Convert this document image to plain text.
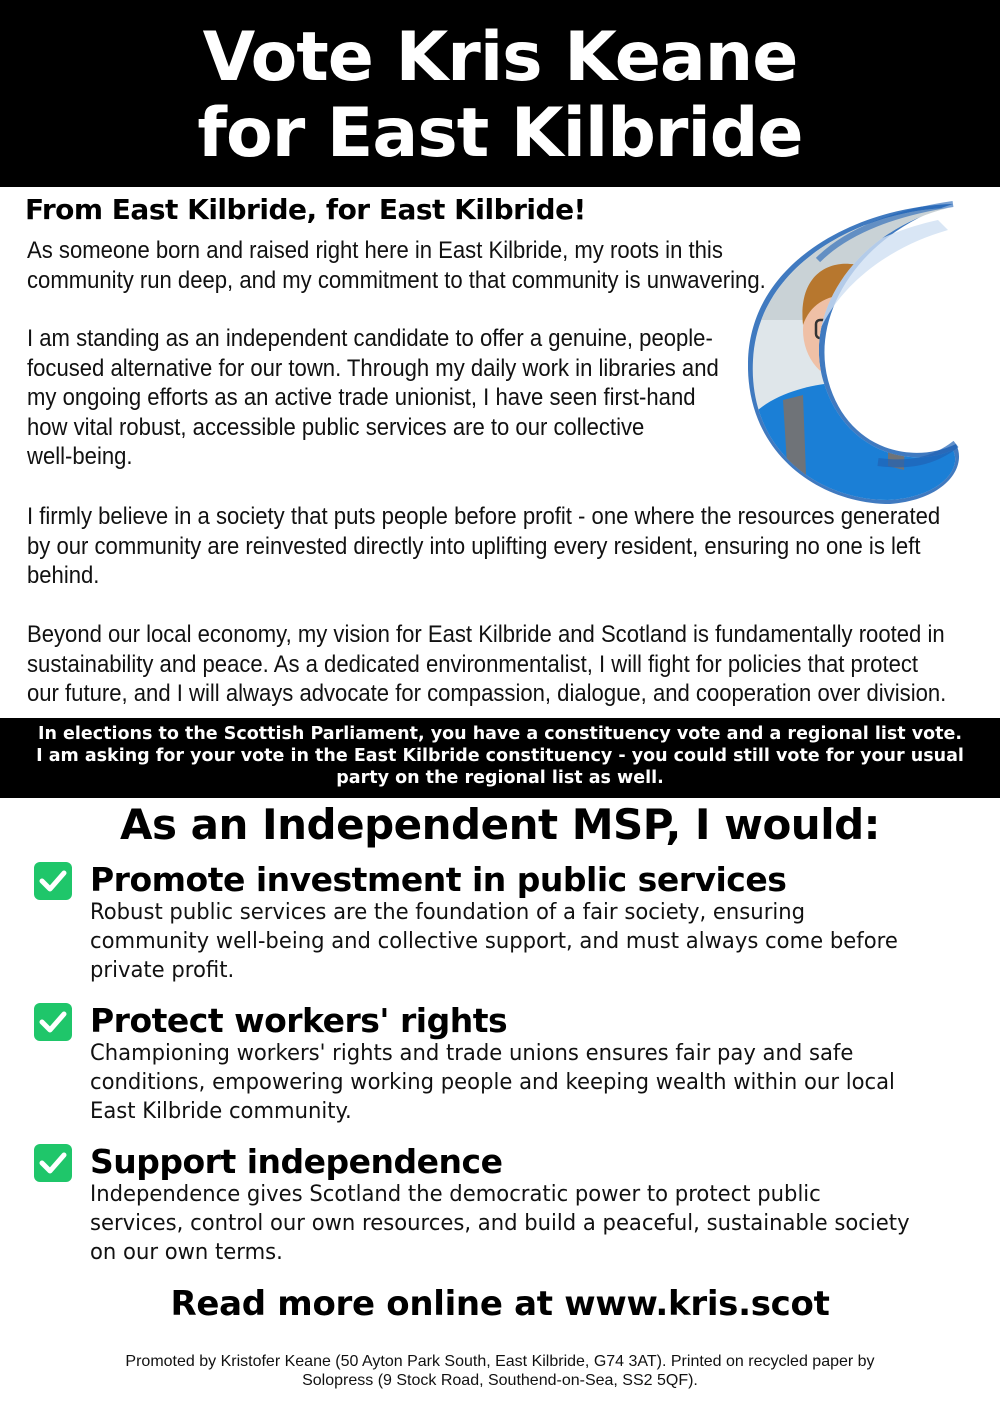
Vote Kris Keane
for East Kilbride
From East Kilbride, for East Kilbride!
As someone born and raised right here in East Kilbride, my roots in this
community run deep, and my commitment to that community is unwavering.
I am standing as an independent candidate to offer a genuine, people-
focused alternative for our town. Through my daily work in libraries and
my ongoing efforts as an active trade unionist, I have seen first-hand
how vital robust, accessible public services are to our collective
well-being.
I firmly believe in a society that puts people before profit - one where the resources generated
by our community are reinvested directly into uplifting every resident, ensuring no one is left
behind.
Beyond our local economy, my vision for East Kilbride and Scotland is fundamentally rooted in
sustainability and peace. As a dedicated environmentalist, I will fight for policies that protect
our future, and I will always advocate for compassion, dialogue, and cooperation over division.
In elections to the Scottish Parliament, you have a constituency vote and a regional list vote.
I am asking for your vote in the East Kilbride constituency - you could still vote for your usual
party on the regional list as well.
As an Independent MSP, I would:
Promote investment in public services
Robust public services are the foundation of a fair society, ensuring
community well-being and collective support, and must always come before
private profit.
Protect workers' rights
Championing workers' rights and trade unions ensures fair pay and safe
conditions, empowering working people and keeping wealth within our local
East Kilbride community.
Support independence
Independence gives Scotland the democratic power to protect public
services, control our own resources, and build a peaceful, sustainable society
on our own terms.
Read more online at www.kris.scot
Promoted by Kristofer Keane (50 Ayton Park South, East Kilbride, G74 3AT). Printed on recycled paper by
Solopress (9 Stock Road, Southend-on-Sea, SS2 5QF).
